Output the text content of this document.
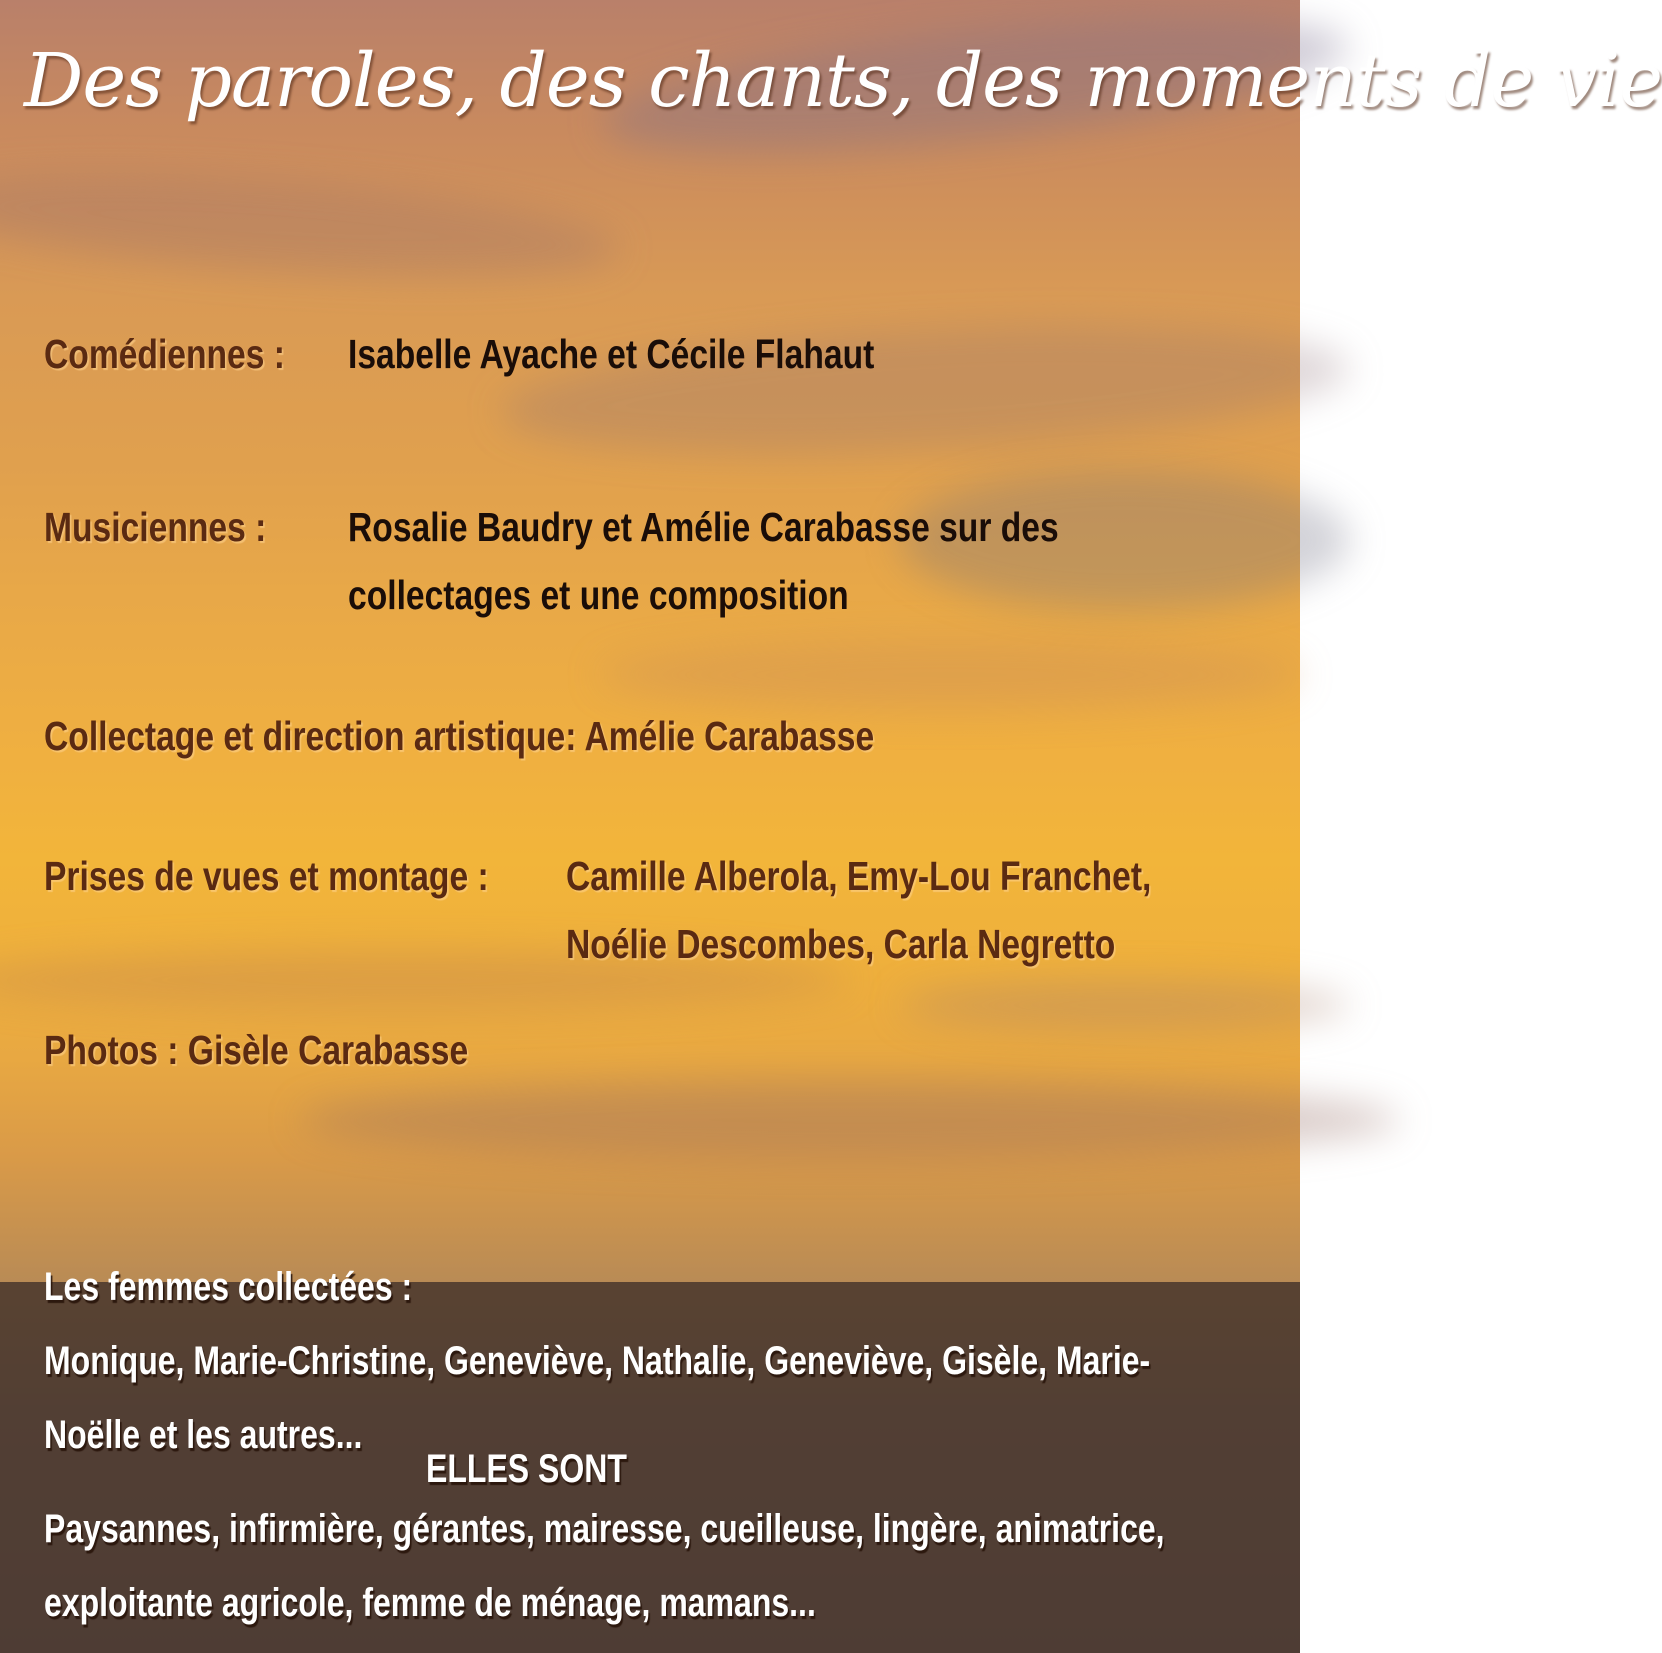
Des paroles, des chants, des moments de vie
Comédiennes : Isabelle Ayache et Cécile Flahaut
Musiciennes : Rosalie Baudry et Amélie Carabasse sur des
collectages et une composition
Collectage et direction artistique: Amélie Carabasse
Prises de vues et montage : Camille Alberola, Emy-Lou Franchet,
Noélie Descombes, Carla Negretto
Photos : Gisèle Carabasse
Les femmes collectées :
Monique, Marie-Christine, Geneviève, Nathalie, Geneviève, Gisèle, Marie-
Noëlle et les autres...
ELLES SONT
Paysannes, infirmière, gérantes, mairesse, cueilleuse, lingère, animatrice,
exploitante agricole, femme de ménage, mamans...
